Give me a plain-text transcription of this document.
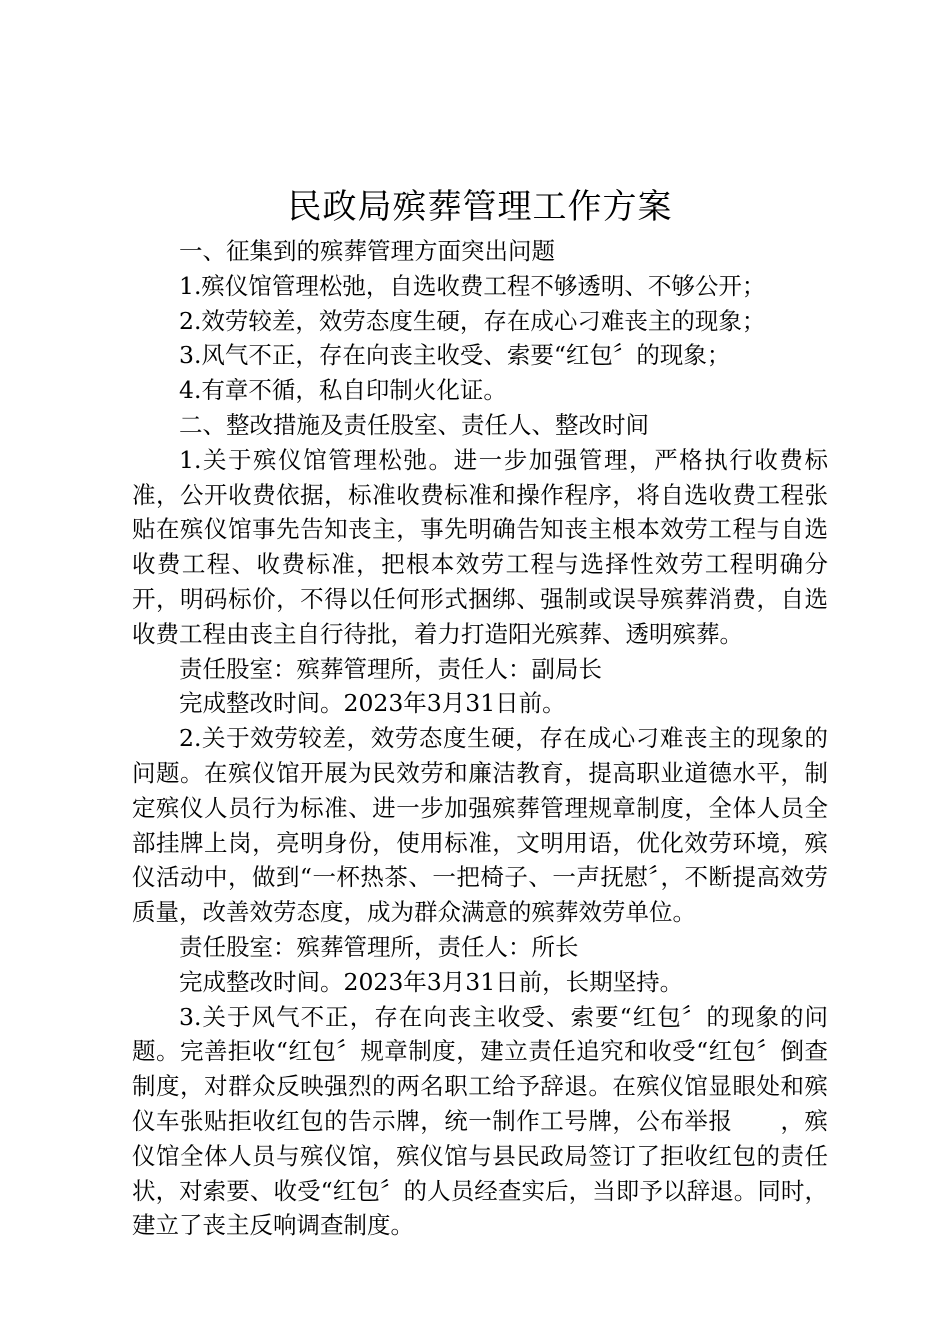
民政局殡葬管理工作方案

一、征集到的殡葬管理方面突出问题

1.殡仪馆管理松弛，自选收费工程不够透明、不够公开；

2.效劳较差，效劳态度生硬，存在成心刁难丧主的现象；

3.风气不正，存在向丧主收受、索要“红包〞的现象；

4.有章不循，私自印制火化证。

二、整改措施及责任股室、责任人、整改时间

1.关于殡仪馆管理松弛。进一步加强管理，严格执行收费标准，公开收费依据，标准收费标准和操作程序，将自选收费工程张贴在殡仪馆事先告知丧主，事先明确告知丧主根本效劳工程与自选收费工程、收费标准，把根本效劳工程与选择性效劳工程明确分开，明码标价，不得以任何形式捆绑、强制或误导殡葬消费，自选收费工程由丧主自行待批，着力打造阳光殡葬、透明殡葬。

责任股室：殡葬管理所，责任人：副局长

完成整改时间。2023年3月31日前。

2.关于效劳较差，效劳态度生硬，存在成心刁难丧主的现象的问题。在殡仪馆开展为民效劳和廉洁教育，提高职业道德水平，制定殡仪人员行为标准、进一步加强殡葬管理规章制度，全体人员全部挂牌上岗，亮明身份，使用标准，文明用语，优化效劳环境，殡仪活动中，做到“一杯热茶、一把椅子、一声抚慰〞，不断提高效劳质量，改善效劳态度，成为群众满意的殡葬效劳单位。

责任股室：殡葬管理所，责任人：所长

完成整改时间。2023年3月31日前，长期坚持。

3.关于风气不正，存在向丧主收受、索要“红包〞的现象的问题。完善拒收“红包〞规章制度，建立责任追究和收受“红包〞倒查制度，对群众反映强烈的两名职工给予辞退。在殡仪馆显眼处和殡仪车张贴拒收红包的告示牌，统一制作工号牌，公布举报　　，殡仪馆全体人员与殡仪馆，殡仪馆与县民政局签订了拒收红包的责任状，对索要、收受“红包〞的人员经查实后，当即予以辞退。同时，建立了丧主反响调查制度。
